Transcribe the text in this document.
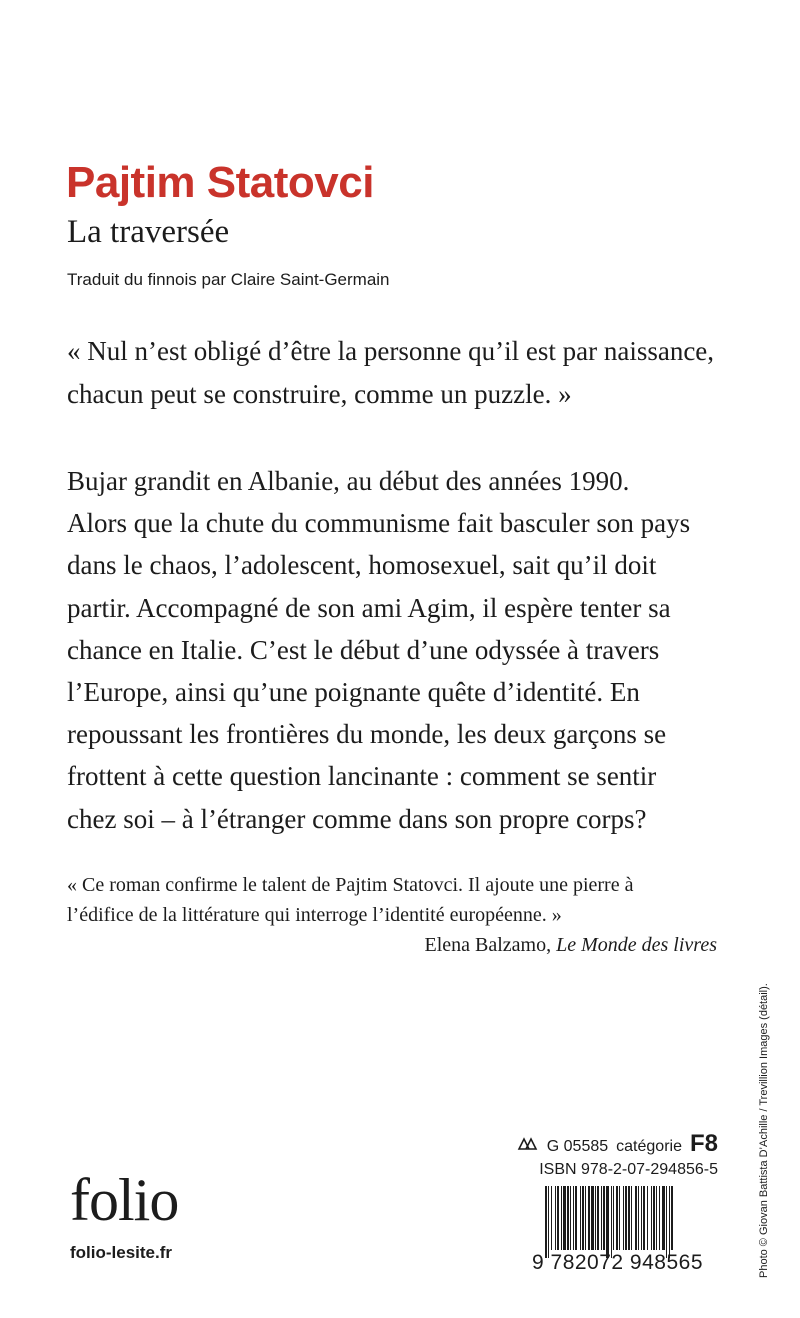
Pajtim Statovci
La traversée
Traduit du finnois par Claire Saint-Germain
« Nul n’est obligé d’être la personne qu’il est par naissance,
chacun peut se construire, comme un puzzle. »
Bujar grandit en Albanie, au début des années 1990.
Alors que la chute du communisme fait basculer son pays
dans le chaos, l’adolescent, homosexuel, sait qu’il doit
partir. Accompagné de son ami Agim, il espère tenter sa
chance en Italie. C’est le début d’une odyssée à travers
l’Europe, ainsi qu’une poignante quête d’identité. En
repoussant les frontières du monde, les deux garçons se
frottent à cette question lancinante : comment se sentir
chez soi – à l’étranger comme dans son propre corps?
« Ce roman confirme le talent de Pajtim Statovci. Il ajoute une pierre à
l’édifice de la littérature qui interroge l’identité européenne. »
Elena Balzamo, Le Monde des livres
Photo © Giovan Battista D’Achille / Trevillion Images (détail).
folio
folio-lesite.fr
G 05585 catégorie F8
ISBN 978-2-07-294856-5
9 782072 948565
